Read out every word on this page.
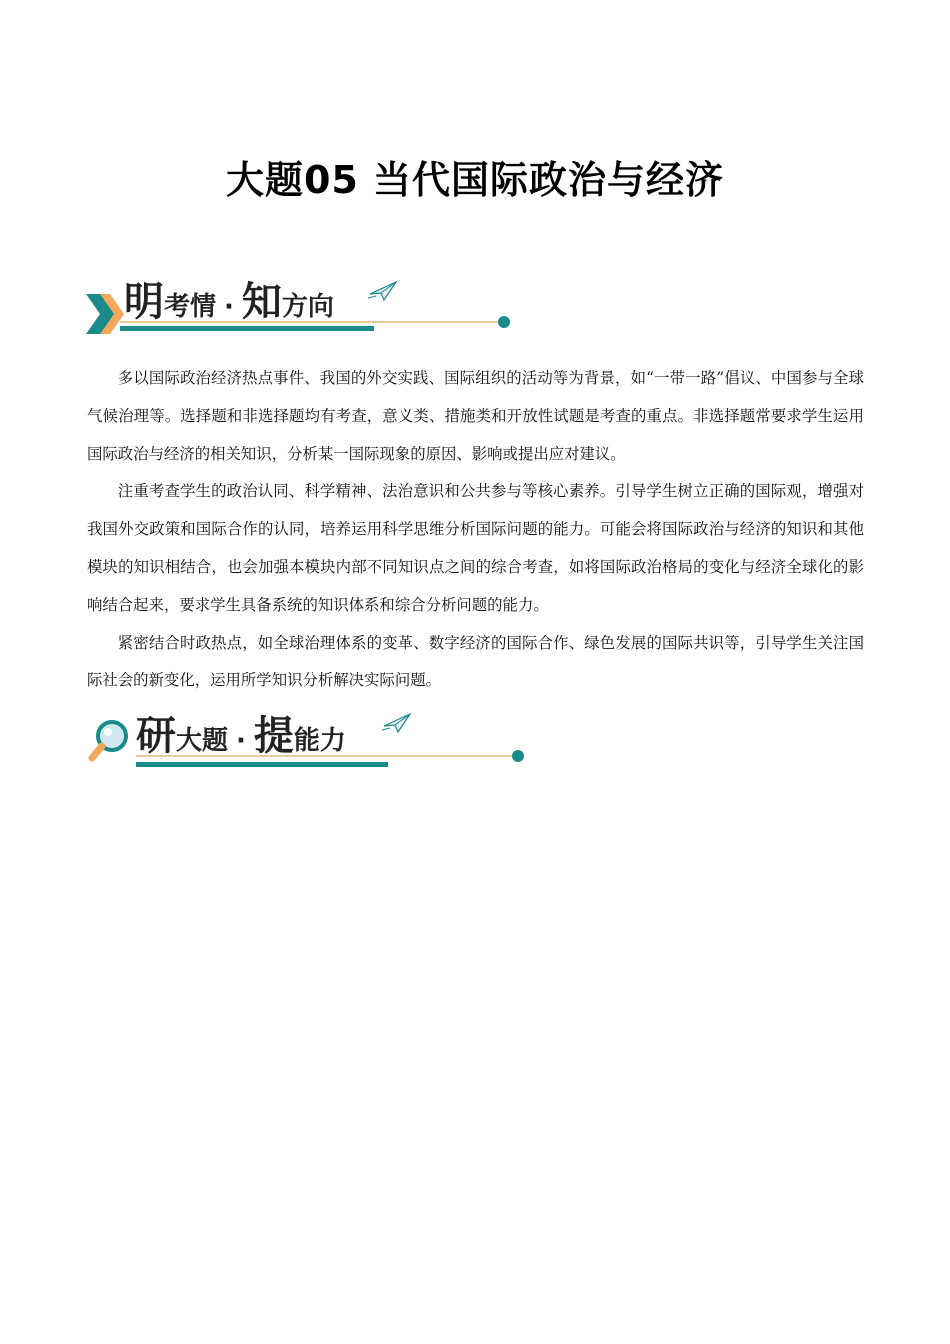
大题05 当代国际政治与经济
明考情 · 知方向

多以国际政治经济热点事件、我国的外交实践、国际组织的活动等为背景，如“一带一路”倡议、中国参与全球气候治理等。选择题和非选择题均有考查，意义类、措施类和开放性试题是考查的重点。非选择题常要求学生运用国际政治与经济的相关知识，分析某一国际现象的原因、影响或提出应对建议。

注重考查学生的政治认同、科学精神、法治意识和公共参与等核心素养。引导学生树立正确的国际观，增强对我国外交政策和国际合作的认同，培养运用科学思维分析国际问题的能力。可能会将国际政治与经济的知识和其他模块的知识相结合，也会加强本模块内部不同知识点之间的综合考查，如将国际政治格局的变化与经济全球化的影响结合起来，要求学生具备系统的知识体系和综合分析问题的能力。

紧密结合时政热点，如全球治理体系的变革、数字经济的国际合作、绿色发展的国际共识等，引导学生关注国际社会的新变化，运用所学知识分析解决实际问题。

研大题 · 提能力
